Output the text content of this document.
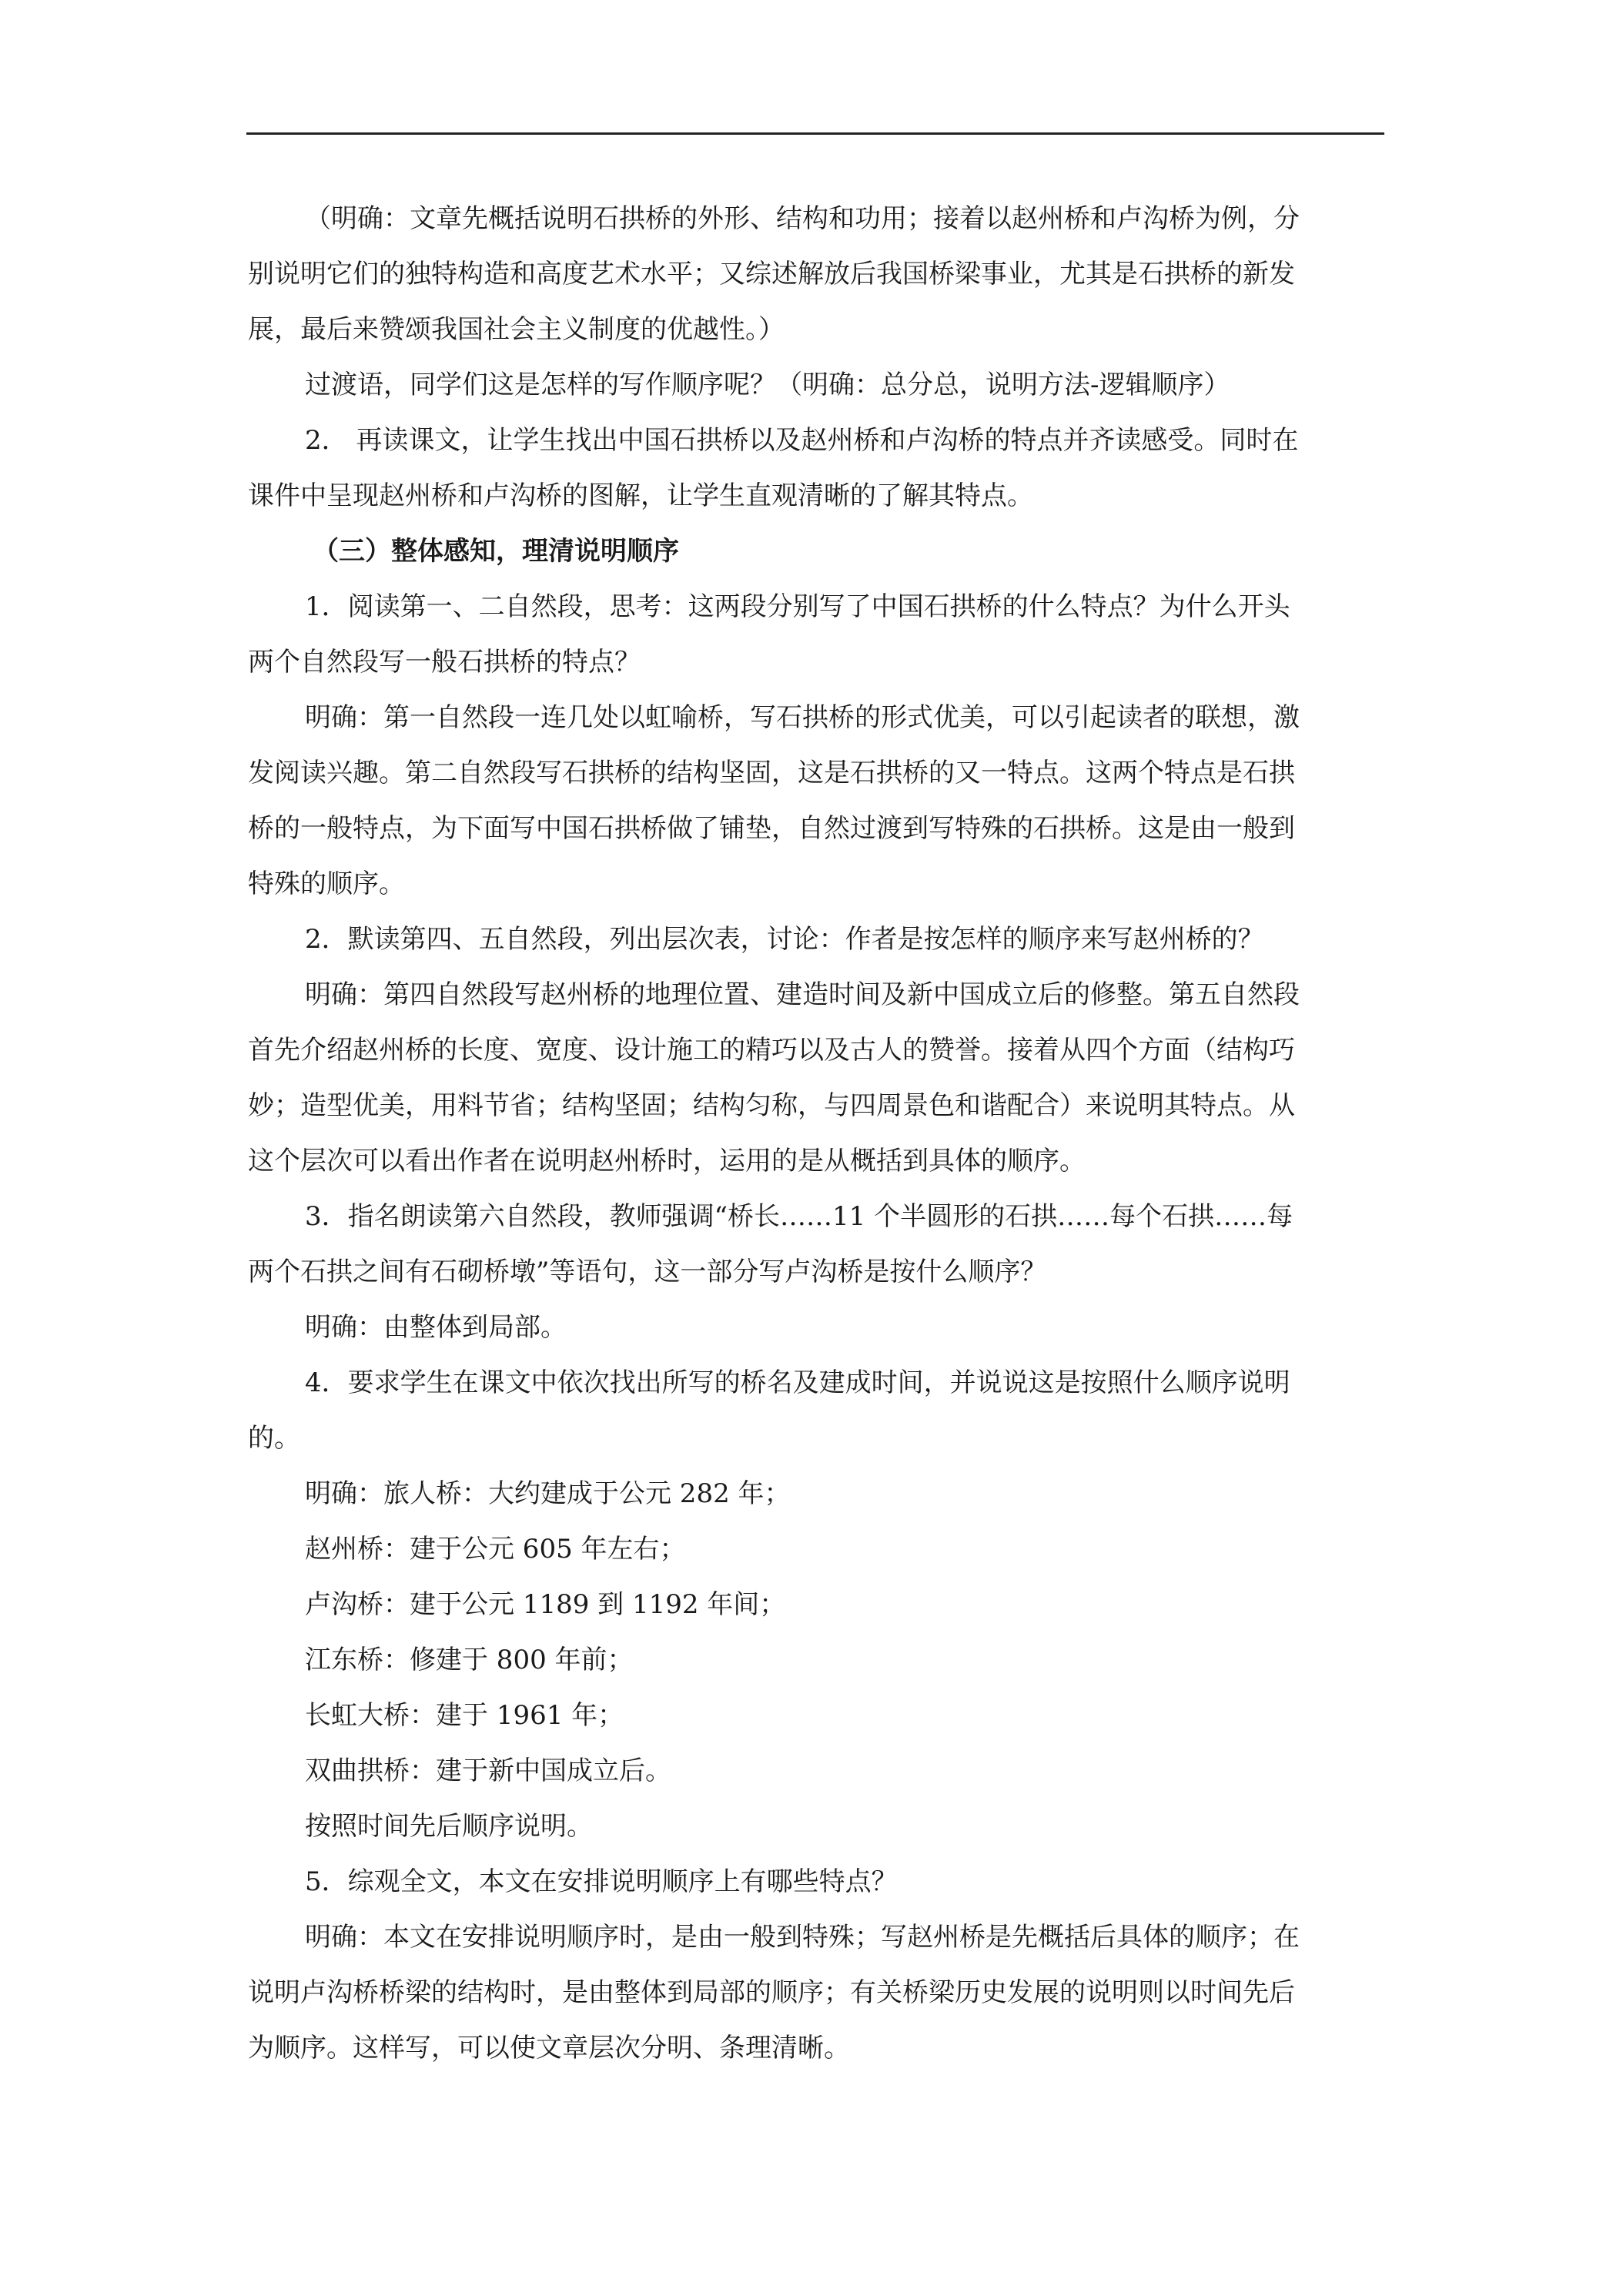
（明确：文章先概括说明石拱桥的外形、结构和功用；接着以赵州桥和卢沟桥为例，分
别说明它们的独特构造和高度艺术水平；又综述解放后我国桥梁事业，尤其是石拱桥的新发
展，最后来赞颂我国社会主义制度的优越性。）
过渡语，同学们这是怎样的写作顺序呢？（明确：总分总，说明方法-逻辑顺序）
2． 再读课文，让学生找出中国石拱桥以及赵州桥和卢沟桥的特点并齐读感受。同时在
课件中呈现赵州桥和卢沟桥的图解，让学生直观清晰的了解其特点。
（三）整体感知，理清说明顺序
1．阅读第一、二自然段，思考：这两段分别写了中国石拱桥的什么特点？为什么开头
两个自然段写一般石拱桥的特点？
明确：第一自然段一连几处以虹喻桥，写石拱桥的形式优美，可以引起读者的联想，激
发阅读兴趣。第二自然段写石拱桥的结构坚固，这是石拱桥的又一特点。这两个特点是石拱
桥的一般特点，为下面写中国石拱桥做了铺垫，自然过渡到写特殊的石拱桥。这是由一般到
特殊的顺序。
2．默读第四、五自然段，列出层次表，讨论：作者是按怎样的顺序来写赵州桥的？
明确：第四自然段写赵州桥的地理位置、建造时间及新中国成立后的修整。第五自然段
首先介绍赵州桥的长度、宽度、设计施工的精巧以及古人的赞誉。接着从四个方面（结构巧
妙；造型优美，用料节省；结构坚固；结构匀称，与四周景色和谐配合）来说明其特点。从
这个层次可以看出作者在说明赵州桥时，运用的是从概括到具体的顺序。
3．指名朗读第六自然段，教师强调“桥长……11 个半圆形的石拱……每个石拱……每
两个石拱之间有石砌桥墩”等语句，这一部分写卢沟桥是按什么顺序？
明确：由整体到局部。
4．要求学生在课文中依次找出所写的桥名及建成时间，并说说这是按照什么顺序说明
的。
明确：旅人桥：大约建成于公元 282 年；
赵州桥：建于公元 605 年左右；
卢沟桥：建于公元 1189 到 1192 年间；
江东桥：修建于 800 年前；
长虹大桥：建于 1961 年；
双曲拱桥：建于新中国成立后。
按照时间先后顺序说明。
5．综观全文，本文在安排说明顺序上有哪些特点？
明确：本文在安排说明顺序时，是由一般到特殊；写赵州桥是先概括后具体的顺序；在
说明卢沟桥桥梁的结构时，是由整体到局部的顺序；有关桥梁历史发展的说明则以时间先后
为顺序。这样写，可以使文章层次分明、条理清晰。
